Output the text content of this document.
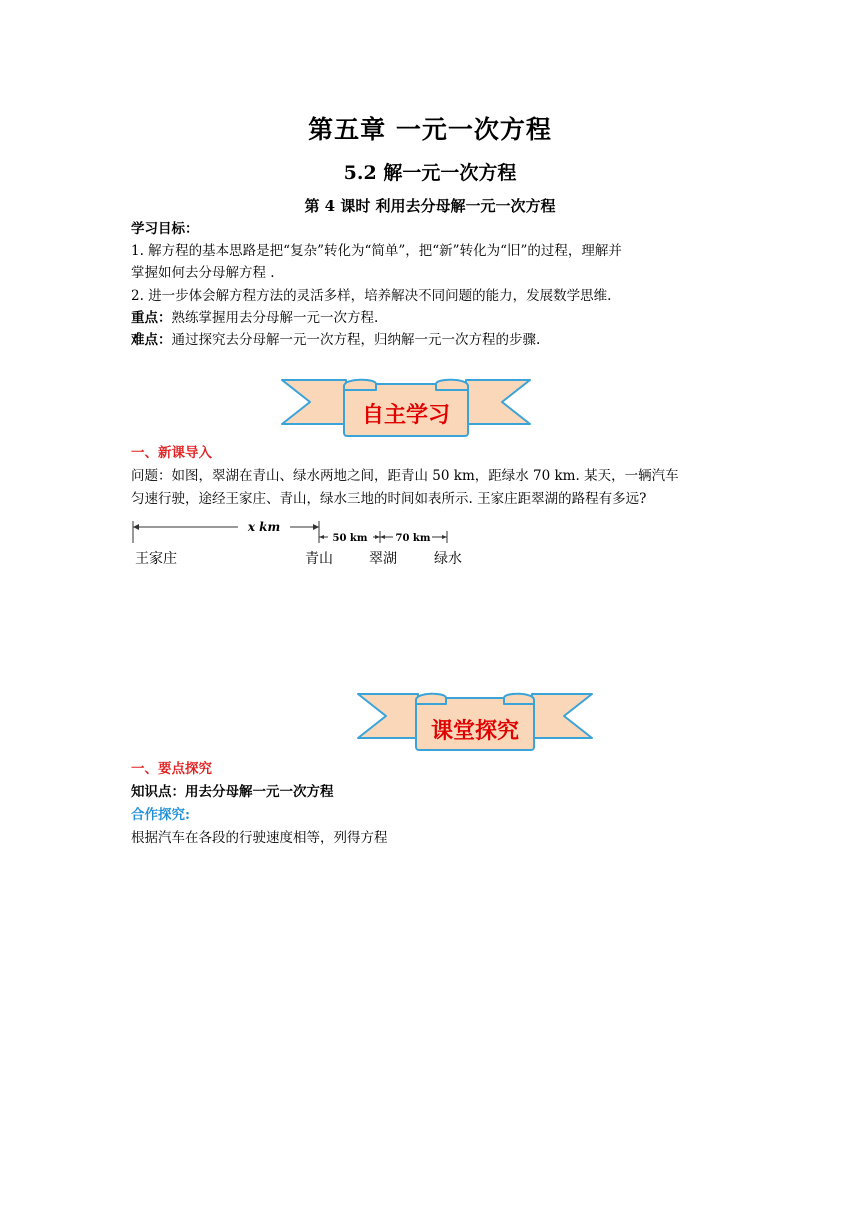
第五章 一元一次方程
5.2 解一元一次方程
第 4 课时 利用去分母解一元一次方程
学习目标：
1. 解方程的基本思路是把“复杂”转化为“简单”，把“新”转化为“旧”的过程，理解并
掌握如何去分母解方程 .
2. 进一步体会解方程方法的灵活多样，培养解决不同问题的能力，发展数学思维.
重点：熟练掌握用去分母解一元一次方程.
难点：通过探究去分母解一元一次方程，归纳解一元一次方程的步骤.
自主学习
一、新课导入
问题：如图，翠湖在青山、绿水两地之间，距青山 50 km，距绿水 70 km. 某天，一辆汽车
匀速行驶，途经王家庄、青山，绿水三地的时间如表所示. 王家庄距翠湖的路程有多远?
x km
50 km	70 km
王家庄	青山	翠湖	绿水
课堂探究
一、要点探究
知识点：用去分母解一元一次方程
合作探究:
根据汽车在各段的行驶速度相等，列得方程
